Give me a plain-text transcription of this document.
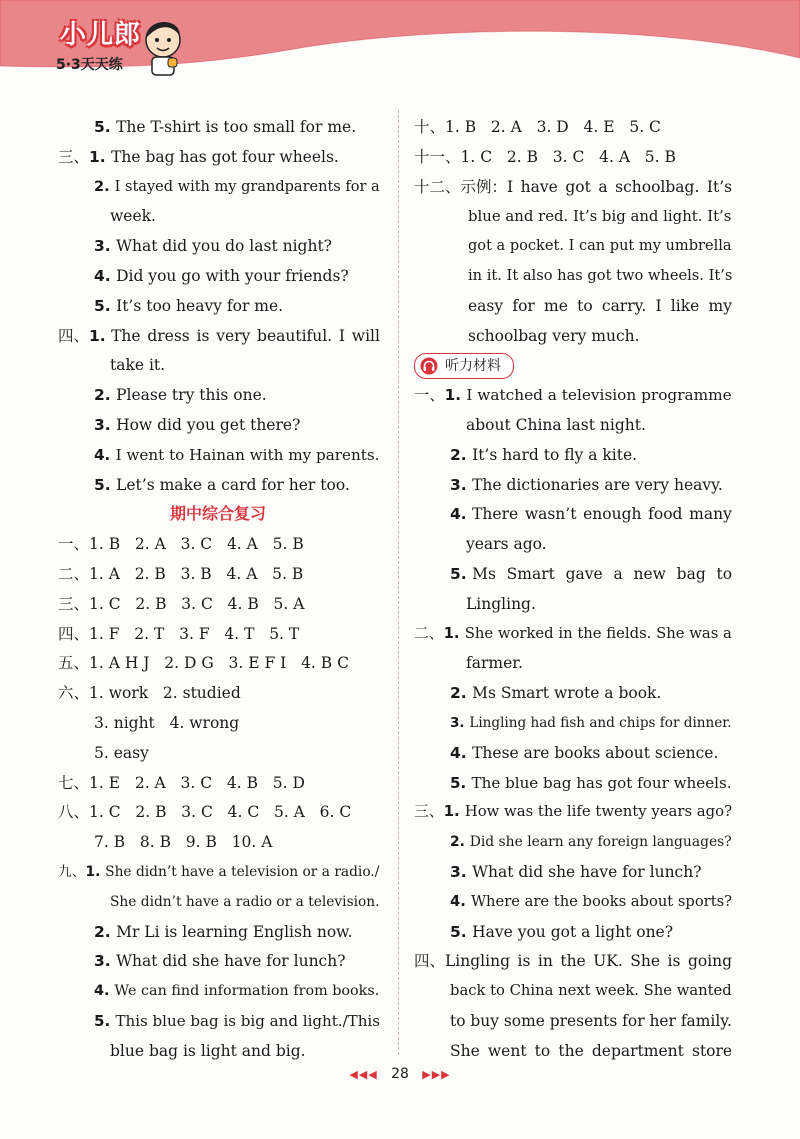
小儿郎
5·3天天练
5. The T-shirt is too small for me.
三、1. The bag has got four wheels.
2. I stayed with my grandparents for a
week.
3. What did you do last night?
4. Did you go with your friends?
5. It’s too heavy for me.
四、1. The dress is very beautiful. I will
take it.
2. Please try this one.
3. How did you get there?
4. I went to Hainan with my parents.
5. Let’s make a card for her too.
期中综合复习
一、1. B   2. A   3. C   4. A   5. B
二、1. A   2. B   3. B   4. A   5. B
三、1. C   2. B   3. C   4. B   5. A
四、1. F   2. T   3. F   4. T   5. T
五、1. A H J   2. D G   3. E F I   4. B C
六、1. work   2. studied
3. night   4. wrong
5. easy
七、1. E   2. A   3. C   4. B   5. D
八、1. C   2. B   3. C   4. C   5. A   6. C
7. B   8. B   9. B   10. A
九、1. She didn’t have a television or a radio./
She didn’t have a radio or a television.
2. Mr Li is learning English now.
3. What did she have for lunch?
4. We can find information from books.
5. This blue bag is big and light./This
blue bag is light and big.
十、1. B   2. A   3. D   4. E   5. C
十一、1. C   2. B   3. C   4. A   5. B
十二、示例：I have got a schoolbag. It’s
blue and red. It’s big and light. It’s
got a pocket. I can put my umbrella
in it. It also has got two wheels. It’s
easy for me to carry. I like my
schoolbag very much.
听力材料
一、1. I watched a television programme
about China last night.
2. It’s hard to fly a kite.
3. The dictionaries are very heavy.
4. There wasn’t enough food many
years ago.
5. Ms Smart gave a new bag to
Lingling.
二、1. She worked in the fields. She was a
farmer.
2. Ms Smart wrote a book.
3. Lingling had fish and chips for dinner.
4. These are books about science.
5. The blue bag has got four wheels.
三、1. How was the life twenty years ago?
2. Did she learn any foreign languages?
3. What did she have for lunch?
4. Where are the books about sports?
5. Have you got a light one?
四、Lingling is in the UK. She is going
back to China next week. She wanted
to buy some presents for her family.
She went to the department store
◀◀◀ 28 ▶▶▶
